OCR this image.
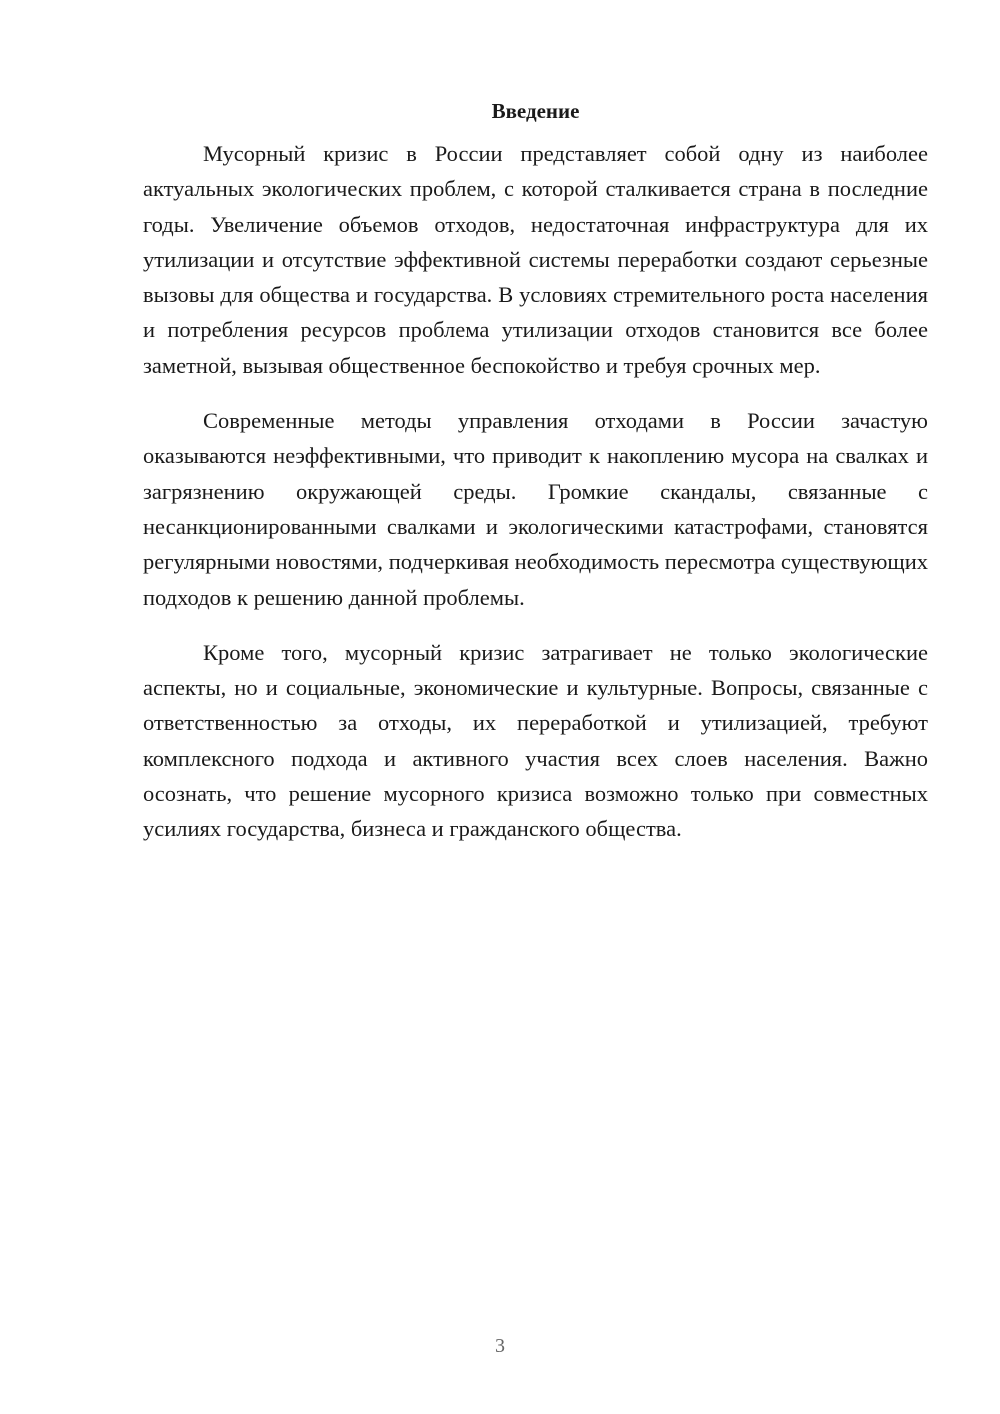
Введение

Мусорный кризис в России представляет собой одну из наиболее актуальных экологических проблем, с которой сталкивается страна в последние годы. Увеличение объемов отходов, недостаточная инфраструктура для их утилизации и отсутствие эффективной системы переработки создают серьезные вызовы для общества и государства. В условиях стремительного роста населения и потребления ресурсов проблема утилизации отходов становится все более заметной, вызывая общественное беспокойство и требуя срочных мер.

Современные методы управления отходами в России зачастую оказываются неэффективными, что приводит к накоплению мусора на свалках и загрязнению окружающей среды. Громкие скандалы, связанные с несанкционированными свалками и экологическими катастрофами, становятся регулярными новостями, подчеркивая необходимость пересмотра существующих подходов к решению данной проблемы.

Кроме того, мусорный кризис затрагивает не только экологические аспекты, но и социальные, экономические и культурные. Вопросы, связанные с ответственностью за отходы, их переработкой и утилизацией, требуют комплексного подхода и активного участия всех слоев населения. Важно осознать, что решение мусорного кризиса возможно только при совместных усилиях государства, бизнеса и гражданского общества.

3
